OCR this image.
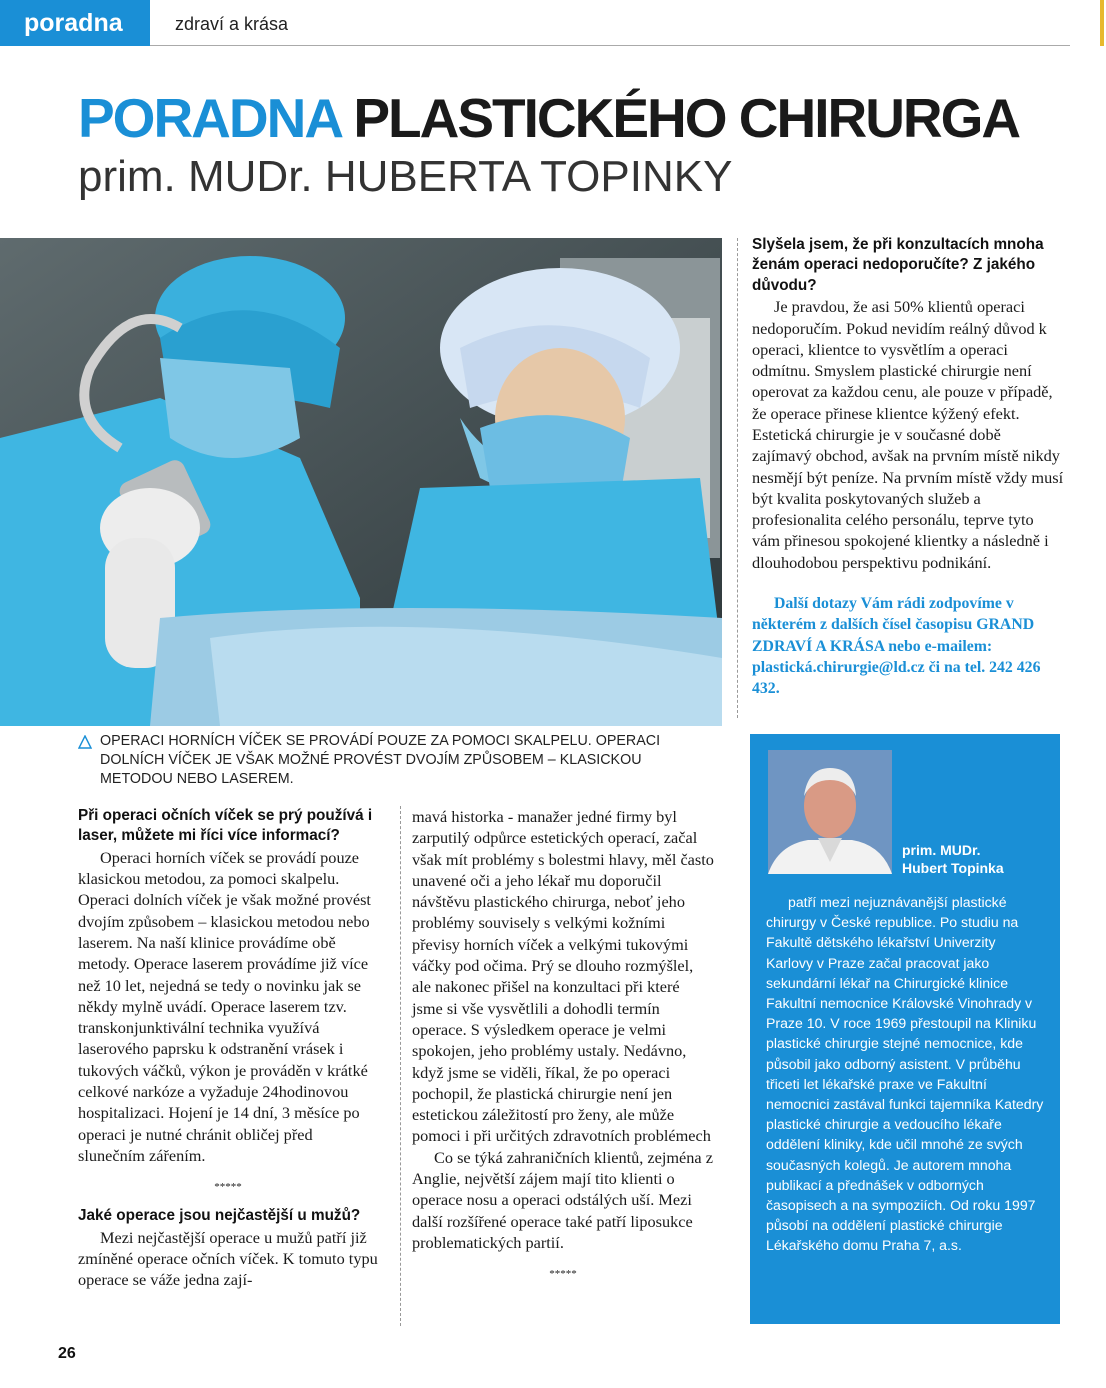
poradna	zdraví a krása
PORADNA PLASTICKÉHO CHIRURGA
prim. MUDr. HUBERTA TOPINKY
OPERACI HORNÍCH VÍČEK SE PROVÁDÍ POUZE ZA POMOCI SKALPELU. OPERACI DOLNÍCH VÍČEK JE VŠAK MOŽNÉ PROVÉST DVOJÍM ZPŮSOBEM – KLASICKOU METODOU NEBO LASEREM.

Při operaci očních víček se prý používá i laser, můžete mi říci více informací?

Operaci horních víček se provádí pouze klasickou metodou, za pomoci skalpelu. Operaci dolních víček je však možné provést dvojím způsobem – klasickou metodou nebo laserem. Na naší klinice provádíme obě metody. Operace laserem provádíme již více než 10 let, nejedná se tedy o novinku jak se někdy mylně uvádí. Operace laserem tzv. transkonjunktivální technika využívá laserového paprsku k odstranění vrásek i tukových váčků, výkon je prováděn v krátké celkové narkóze a vyžaduje 24hodinovou hospitalizaci. Hojení je 14 dní, 3 měsíce po operaci je nutné chránit obličej před slunečním zářením.

*****

Jaké operace jsou nejčastější u mužů?

Mezi nejčastější operace u mužů patří již zmíněné operace očních víček. K tomuto typu operace se váže jedna zají-

mavá historka - manažer jedné firmy byl zarputilý odpůrce estetických operací, začal však mít problémy s bolestmi hlavy, měl často unavené oči a jeho lékař mu doporučil návštěvu plastického chirurga, neboť jeho problémy souvisely s velkými kožními převisy horních víček a velkými tukovými váčky pod očima. Prý se dlouho rozmýšlel, ale nakonec přišel na konzultaci při které jsme si vše vysvětlili a dohodli termín operace. S výsledkem operace je velmi spokojen, jeho problémy ustaly. Nedávno, když jsme se viděli, říkal, že po operaci pochopil, že plastická chirurgie není jen estetickou záležitostí pro ženy, ale může pomoci i při určitých zdravotních problémech

Co se týká zahraničních klientů, zejména z Anglie, největší zájem mají tito klienti o operace nosu a operaci odstálých uší. Mezi další rozšířené operace také patří liposukce problematických partií.

*****

Slyšela jsem, že při konzultacích mnoha ženám operaci nedoporučíte? Z jakého důvodu?

Je pravdou, že asi 50% klientů operaci nedoporučím. Pokud nevidím reálný důvod k operaci, klientce to vysvětlím a operaci odmítnu. Smyslem plastické chirurgie není operovat za každou cenu, ale pouze v případě, že operace přinese klientce kýžený efekt. Estetická chirurgie je v současné době zajímavý obchod, avšak na prvním místě nikdy nesmějí být peníze. Na prvním místě vždy musí být kvalita poskytovaných služeb a profesionalita celého personálu, teprve tyto vám přinesou spokojené klientky a následně i dlouhodobou perspektivu podnikání.

Další dotazy Vám rádi zodpovíme v některém z dalších čísel časopisu GRAND ZDRAVÍ A KRÁSA nebo e-mailem: plastická.chirurgie@ld.cz či na tel. 242 426 432.

prim. MUDr.
Hubert Topinka

patří mezi nejuznávanější plastické chirurgy v České republice. Po studiu na Fakultě dětského lékařství Univerzity Karlovy v Praze začal pracovat jako sekundární lékař na Chirurgické klinice Fakultní nemocnice Královské Vinohrady v Praze 10. V roce 1969 přestoupil na Kliniku plastické chirurgie stejné nemocnice, kde působil jako odborný asistent. V průběhu třiceti let lékařské praxe ve Fakultní nemocnici zastával funkci tajemníka Katedry plastické chirurgie a vedoucího lékaře oddělení kliniky, kde učil mnohé ze svých současných kolegů. Je autorem mnoha publikací a přednášek v odborných časopisech a na sympoziích. Od roku 1997 působí na oddělení plastické chirurgie Lékařského domu Praha 7, a.s.

26
